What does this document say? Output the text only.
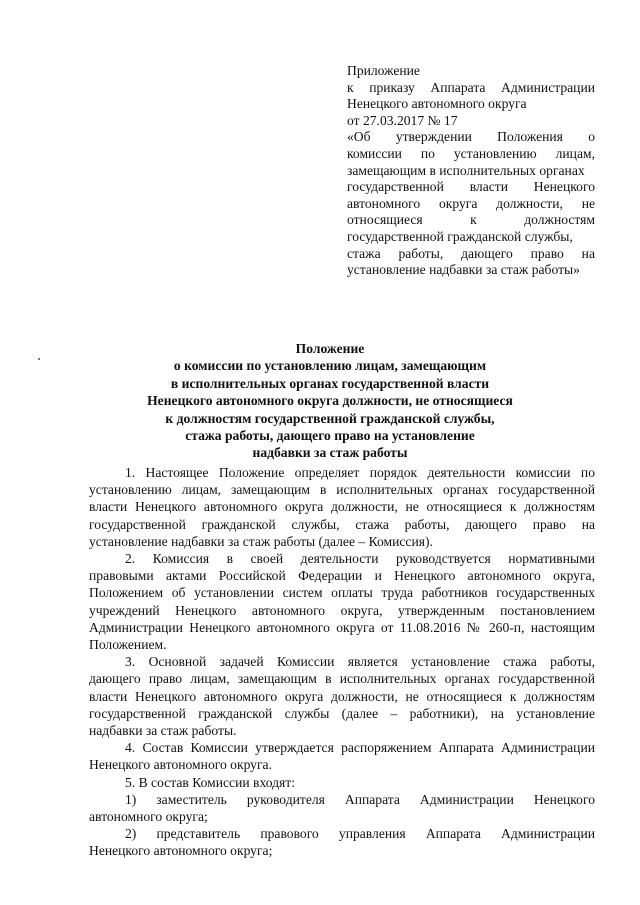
Приложение
к приказу Аппарата Администрации
Ненецкого автономного округа
от 27.03.2017 № 17
«Об утверждении Положения о
комиссии по установлению лицам,
замещающим в исполнительных органах
государственной власти Ненецкого
автономного округа должности, не
относящиеся к должностям
государственной гражданской службы,
стажа работы, дающего право на
установление надбавки за стаж работы»
Положение
о комиссии по установлению лицам, замещающим
в исполнительных органах государственной власти
Ненецкого автономного округа должности, не относящиеся
к должностям государственной гражданской службы,
стажа работы, дающего право на установление
надбавки за стаж работы
1. Настоящее Положение определяет порядок деятельности комиссии по
установлению лицам, замещающим в исполнительных органах государственной
власти Ненецкого автономного округа должности, не относящиеся к должностям
государственной гражданской службы, стажа работы, дающего право на
установление надбавки за стаж работы (далее – Комиссия).
2. Комиссия в своей деятельности руководствуется нормативными
правовыми актами Российской Федерации и Ненецкого автономного округа,
Положением об установлении систем оплаты труда работников государственных
учреждений Ненецкого автономного округа, утвержденным постановлением
Администрации Ненецкого автономного округа от 11.08.2016 № 260-п, настоящим
Положением.
3. Основной задачей Комиссии является установление стажа работы,
дающего право лицам, замещающим в исполнительных органах государственной
власти Ненецкого автономного округа должности, не относящиеся к должностям
государственной гражданской службы (далее – работники), на установление
надбавки за стаж работы.
4. Состав Комиссии утверждается распоряжением Аппарата Администрации
Ненецкого автономного округа.
5. В состав Комиссии входят:
1) заместитель руководителя Аппарата Администрации Ненецкого
автономного округа;
2) представитель правового управления Аппарата Администрации
Ненецкого автономного округа;
